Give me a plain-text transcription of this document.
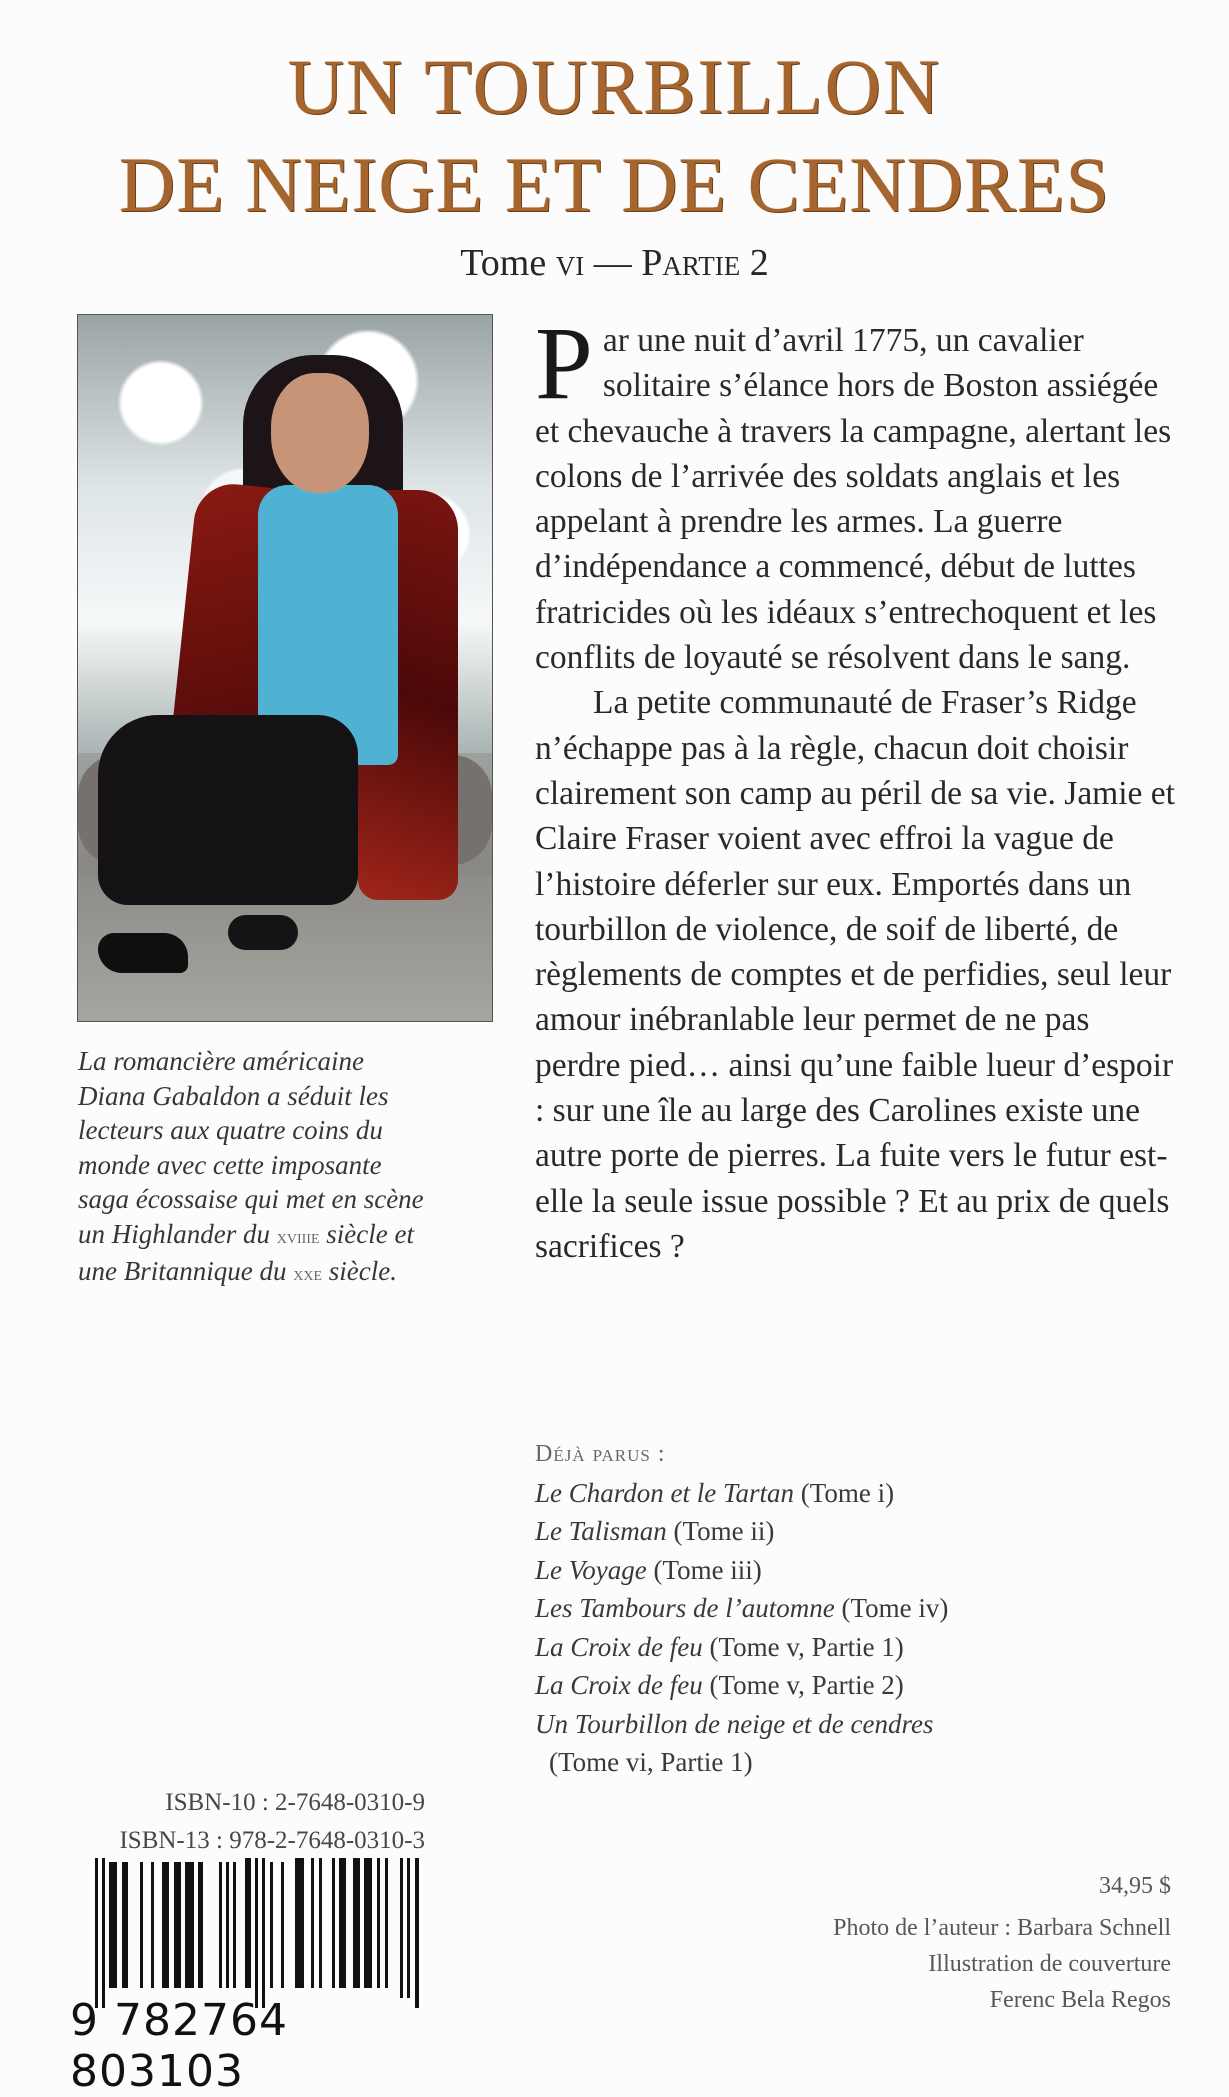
UN TOURBILLON
DE NEIGE ET DE CENDRES
Tome vi — Partie 2
La romancière américaine
Diana Gabaldon a séduit les
lecteurs aux quatre coins du
monde avec cette imposante
saga écossaise qui met en scène
un Highlander du xviiie siècle et
une Britannique du xxe siècle.

Par une nuit d’avril 1775, un cavalier solitaire s’élance hors de Boston assiégée et chevauche à travers la campagne, alertant les colons de l’arrivée des soldats anglais et les appelant à prendre les armes. La guerre d’indépendance a commencé, début de luttes fratricides où les idéaux s’entrechoquent et les conflits de loyauté se résolvent dans le sang.

La petite communauté de Fraser’s Ridge n’échappe pas à la règle, chacun doit choisir clairement son camp au péril de sa vie. Jamie et Claire Fraser voient avec effroi la vague de l’histoire déferler sur eux. Emportés dans un tourbillon de violence, de soif de liberté, de règlements de comptes et de perfidies, seul leur amour inébranlable leur permet de ne pas perdre pied… ainsi qu’une faible lueur d’espoir : sur une île au large des Carolines existe une autre porte de pierres. La fuite vers le futur est-elle la seule issue possible ? Et au prix de quels sacrifices ?

Déjà parus :
Le Chardon et le Tartan (Tome i)
Le Talisman (Tome ii)
Le Voyage (Tome iii)
Les Tambours de l’automne (Tome iv)
La Croix de feu (Tome v, Partie 1)
La Croix de feu (Tome v, Partie 2)
Un Tourbillon de neige et de cendres
(Tome vi, Partie 1)
ISBN-10 : 2-7648-0310-9
ISBN-13 : 978-2-7648-0310-3
9 782764 803103
34,95 $
Photo de l’auteur : Barbara Schnell
Illustration de couverture
Ferenc Bela Regos
